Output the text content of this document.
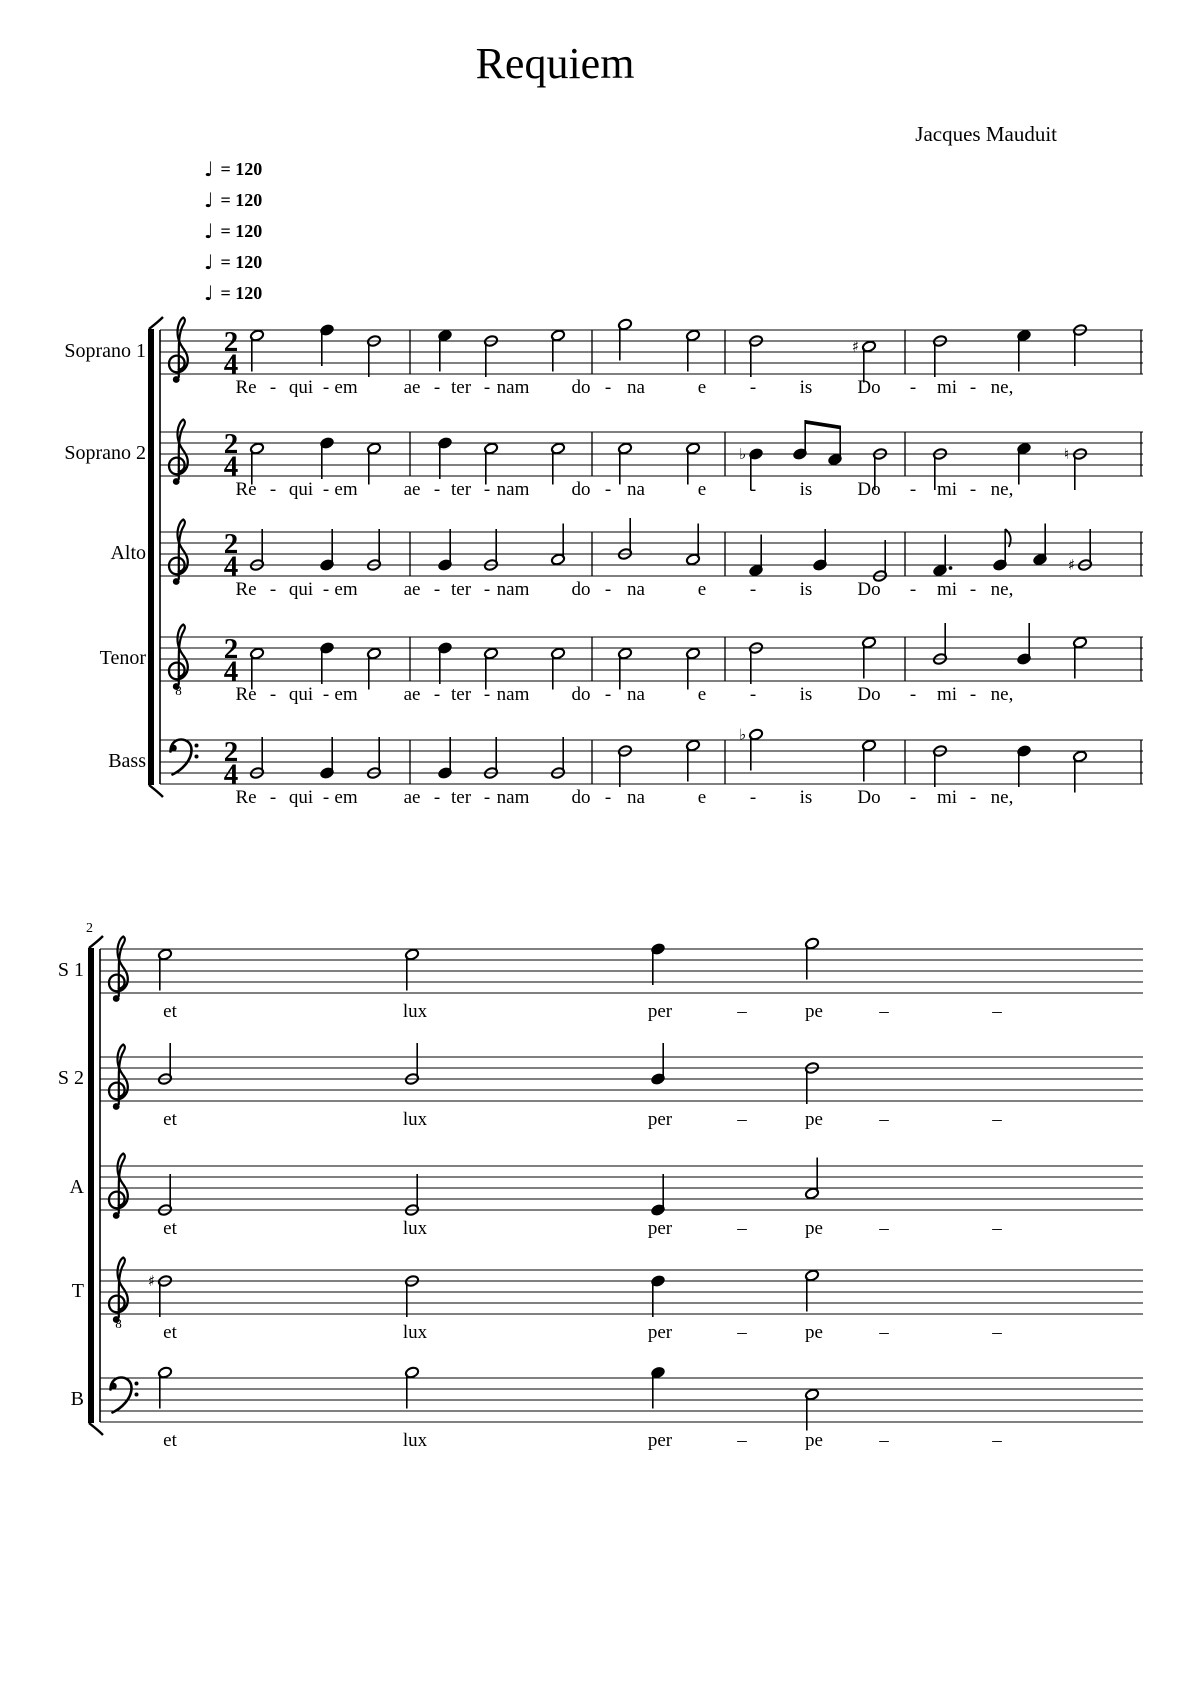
Requiem
Jacques Mauduit
2
4
♯
2
4	♭	♮
2
4	♯
8
2
4
2
4
♭
8
♯
Soprano 1
Re - qui - em ae - ter - nam do - na	e - is Do - mi - ne,
Soprano 2
Re - qui - em ae - ter - nam do - na	e - is Do - mi - ne,
Alto
Re - qui - em ae - ter - nam do - na	e - is Do - mi - ne,
Tenor
Re - qui - em ae - ter - nam do - na	e - is Do - mi - ne,
Bass
Re - qui - em ae - ter - nam do - na	e - is Do - mi - ne,
2
S 1
et	lux	per	–	pe	–	–
S 2
et	lux	per	–	pe	–	–
A
et	lux	per	–	pe	–	–
T
et	lux	per	–	pe	–	–
B
et	lux	per	–	pe	–	–
♩ = 120
♩ = 120
♩ = 120
♩ = 120
♩ = 120
